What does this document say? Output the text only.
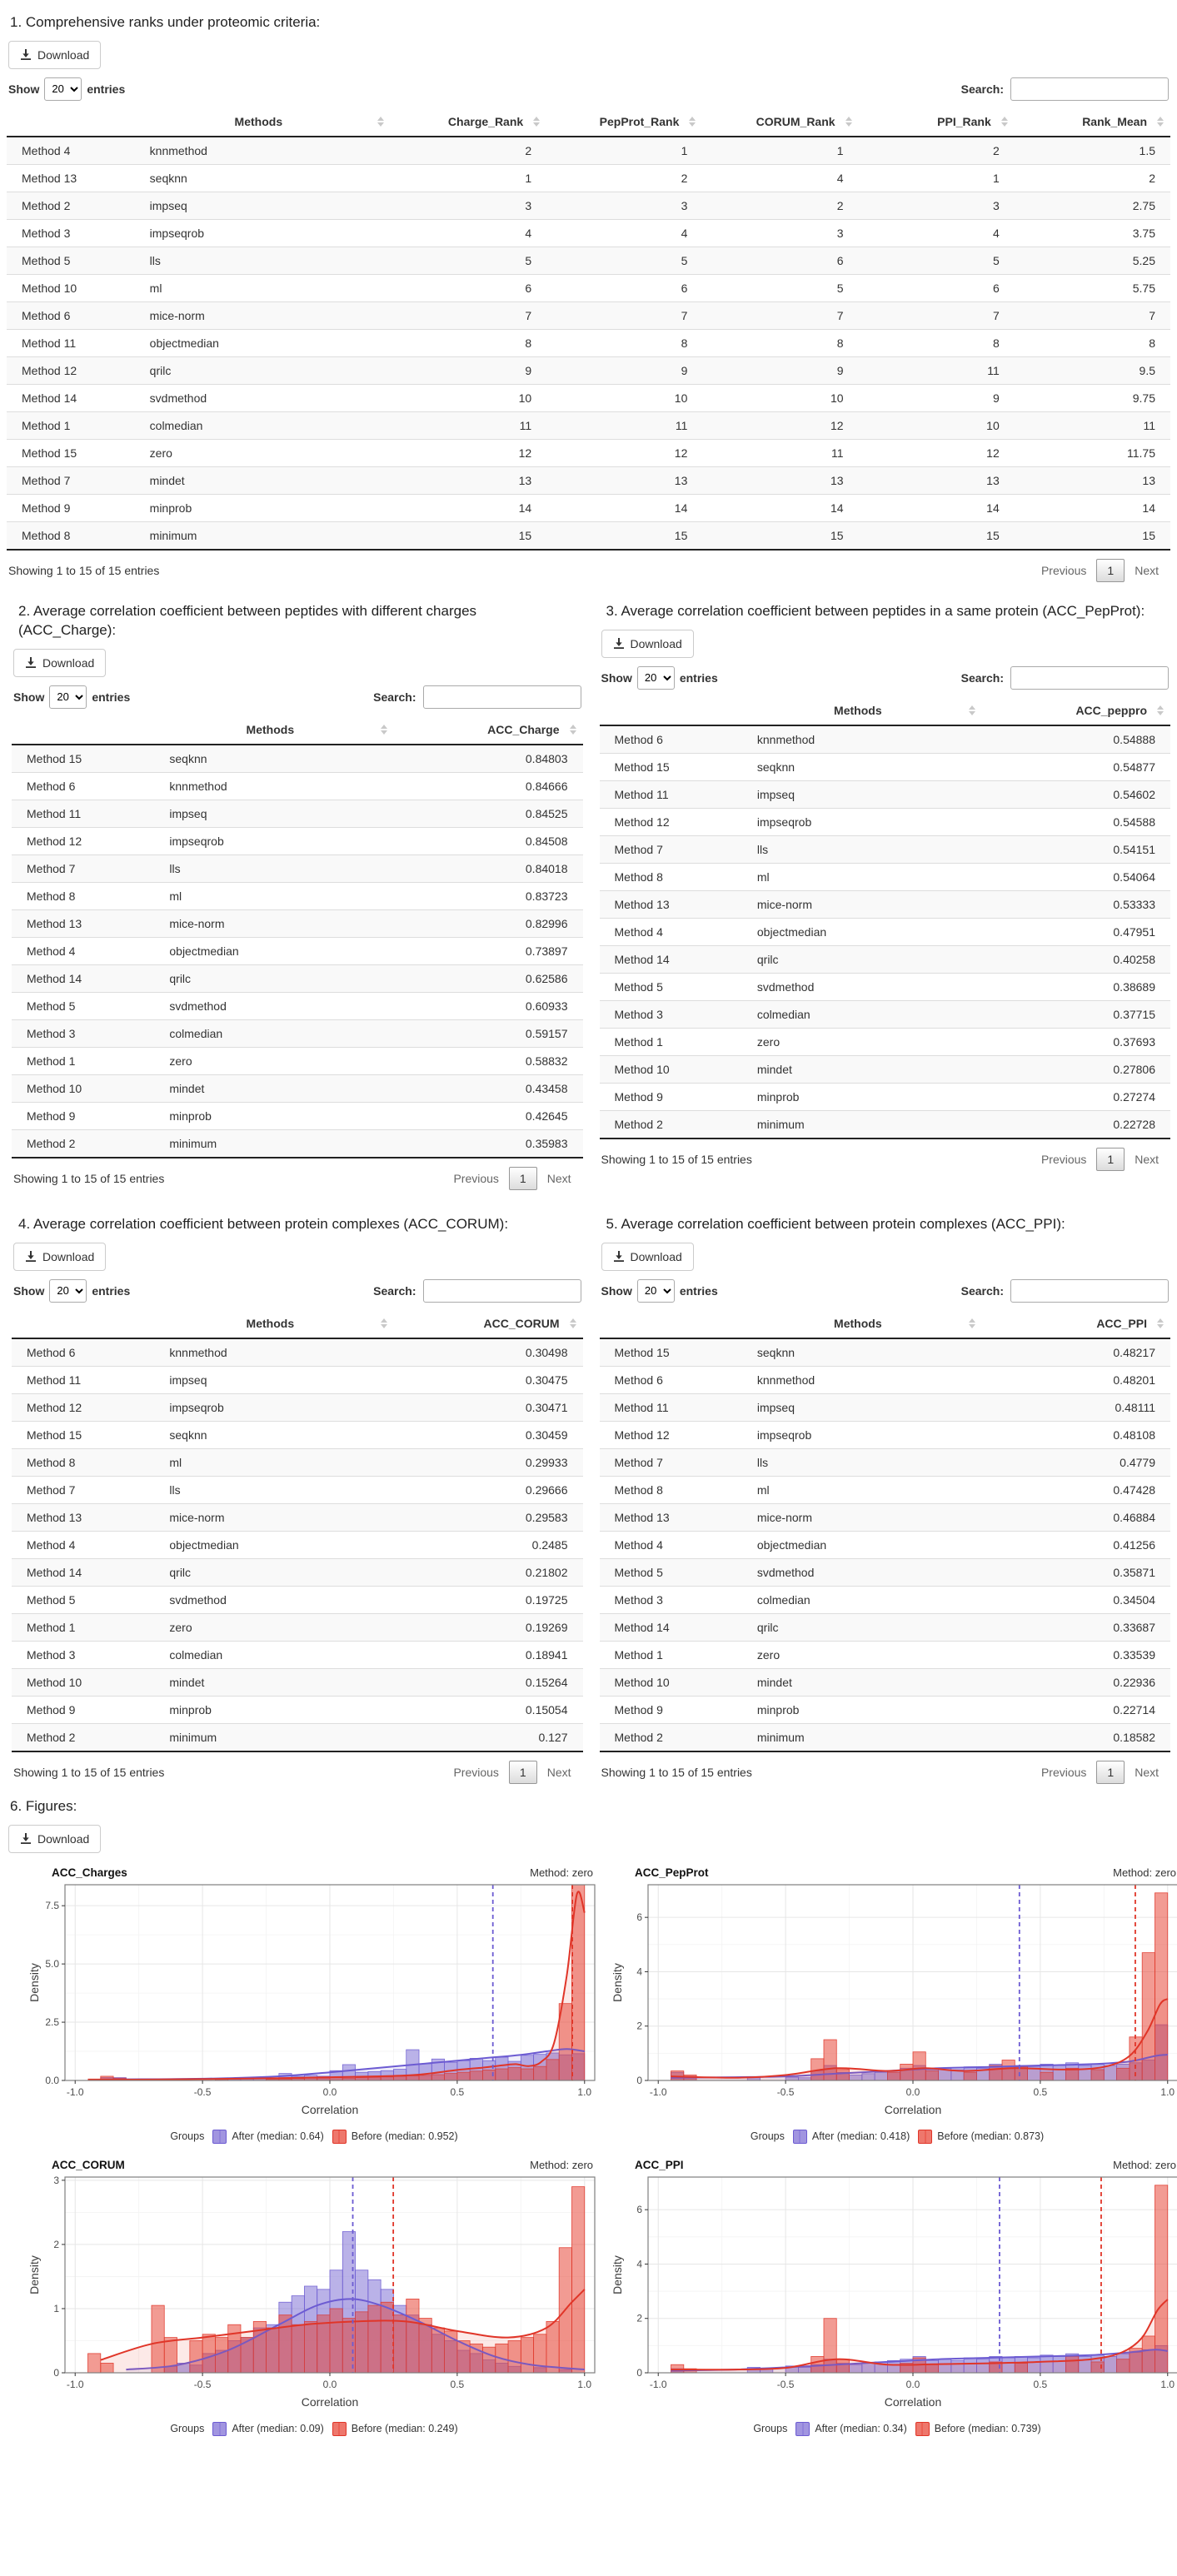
1. Comprehensive ranks under proteomic criteria:
Download
Show
20	entries	Search:
	Methods	Charge_Rank	PepProt_Rank	CORUM_Rank	PPI_Rank	Rank_Mean

Method 4	knnmethod	2	1	1	2	1.5
Method 13	seqknn	1	2	4	1	2
Method 2	impseq	3	3	2	3	2.75
Method 3	impseqrob	4	4	3	4	3.75
Method 5	lls	5	5	6	5	5.25
Method 10	ml	6	6	5	6	5.75
Method 6	mice-norm	7	7	7	7	7
Method 11	objectmedian	8	8	8	8	8
Method 12	qrilc	9	9	9	11	9.5
Method 14	svdmethod	10	10	10	9	9.75
Method 1	colmedian	11	11	12	10	11
Method 15	zero	12	12	11	12	11.75
Method 7	mindet	13	13	13	13	13
Method 9	minprob	14	14	14	14	14
Method 8	minimum	15	15	15	15	15
Showing 1 to 15 of 15 entries	Previous	1	Next
2. Average correlation coefficient between peptides with different charges (ACC_Charge):
Download
Show
20	entries	Search:
	Methods	ACC_Charge

Method 15	seqknn	0.84803
Method 6	knnmethod	0.84666
Method 11	impseq	0.84525
Method 12	impseqrob	0.84508
Method 7	lls	0.84018
Method 8	ml	0.83723
Method 13	mice-norm	0.82996
Method 4	objectmedian	0.73897
Method 14	qrilc	0.62586
Method 5	svdmethod	0.60933
Method 3	colmedian	0.59157
Method 1	zero	0.58832
Method 10	mindet	0.43458
Method 9	minprob	0.42645
Method 2	minimum	0.35983
Showing 1 to 15 of 15 entries	Previous	1	Next
3. Average correlation coefficient between peptides in a same protein (ACC_PepProt):
Download
Show
20	entries	Search:
	Methods	ACC_peppro

Method 6	knnmethod	0.54888
Method 15	seqknn	0.54877
Method 11	impseq	0.54602
Method 12	impseqrob	0.54588
Method 7	lls	0.54151
Method 8	ml	0.54064
Method 13	mice-norm	0.53333
Method 4	objectmedian	0.47951
Method 14	qrilc	0.40258
Method 5	svdmethod	0.38689
Method 3	colmedian	0.37715
Method 1	zero	0.37693
Method 10	mindet	0.27806
Method 9	minprob	0.27274
Method 2	minimum	0.22728
Showing 1 to 15 of 15 entries	Previous	1	Next
4. Average correlation coefficient between protein complexes (ACC_CORUM):
Download
Show
20	entries	Search:
	Methods	ACC_CORUM

Method 6	knnmethod	0.30498
Method 11	impseq	0.30475
Method 12	impseqrob	0.30471
Method 15	seqknn	0.30459
Method 8	ml	0.29933
Method 7	lls	0.29666
Method 13	mice-norm	0.29583
Method 4	objectmedian	0.2485
Method 14	qrilc	0.21802
Method 5	svdmethod	0.19725
Method 1	zero	0.19269
Method 3	colmedian	0.18941
Method 10	mindet	0.15264
Method 9	minprob	0.15054
Method 2	minimum	0.127
Showing 1 to 15 of 15 entries	Previous	1	Next
5. Average correlation coefficient between protein complexes (ACC_PPI):
Download
Show
20	entries	Search:
	Methods	ACC_PPI

Method 15	seqknn	0.48217
Method 6	knnmethod	0.48201
Method 11	impseq	0.48111
Method 12	impseqrob	0.48108
Method 7	lls	0.4779
Method 8	ml	0.47428
Method 13	mice-norm	0.46884
Method 4	objectmedian	0.41256
Method 5	svdmethod	0.35871
Method 3	colmedian	0.34504
Method 14	qrilc	0.33687
Method 1	zero	0.33539
Method 10	mindet	0.22936
Method 9	minprob	0.22714
Method 2	minimum	0.18582
Showing 1 to 15 of 15 entries	Previous	1	Next
6. Figures:
Download
ACC_Charges	Method: zero
-1.0	-0.5	0.0	0.5	1.0
0.0
2.5
5.0
7.5
Correlation
Density
Groups	After (median: 0.64)	Before (median: 0.952)
ACC_PepProt	Method: zero
-1.0	-0.5	0.0	0.5	1.0
0
2
4
6
Correlation
Density
Groups	After (median: 0.418)	Before (median: 0.873)
ACC_CORUM	Method: zero
-1.0	-0.5	0.0	0.5	1.0
0
1
2
3
Correlation
Density
Groups	After (median: 0.09)	Before (median: 0.249)
ACC_PPI	Method: zero
-1.0	-0.5	0.0	0.5	1.0
0
2
4
6
Correlation
Density
Groups	After (median: 0.34)	Before (median: 0.739)
